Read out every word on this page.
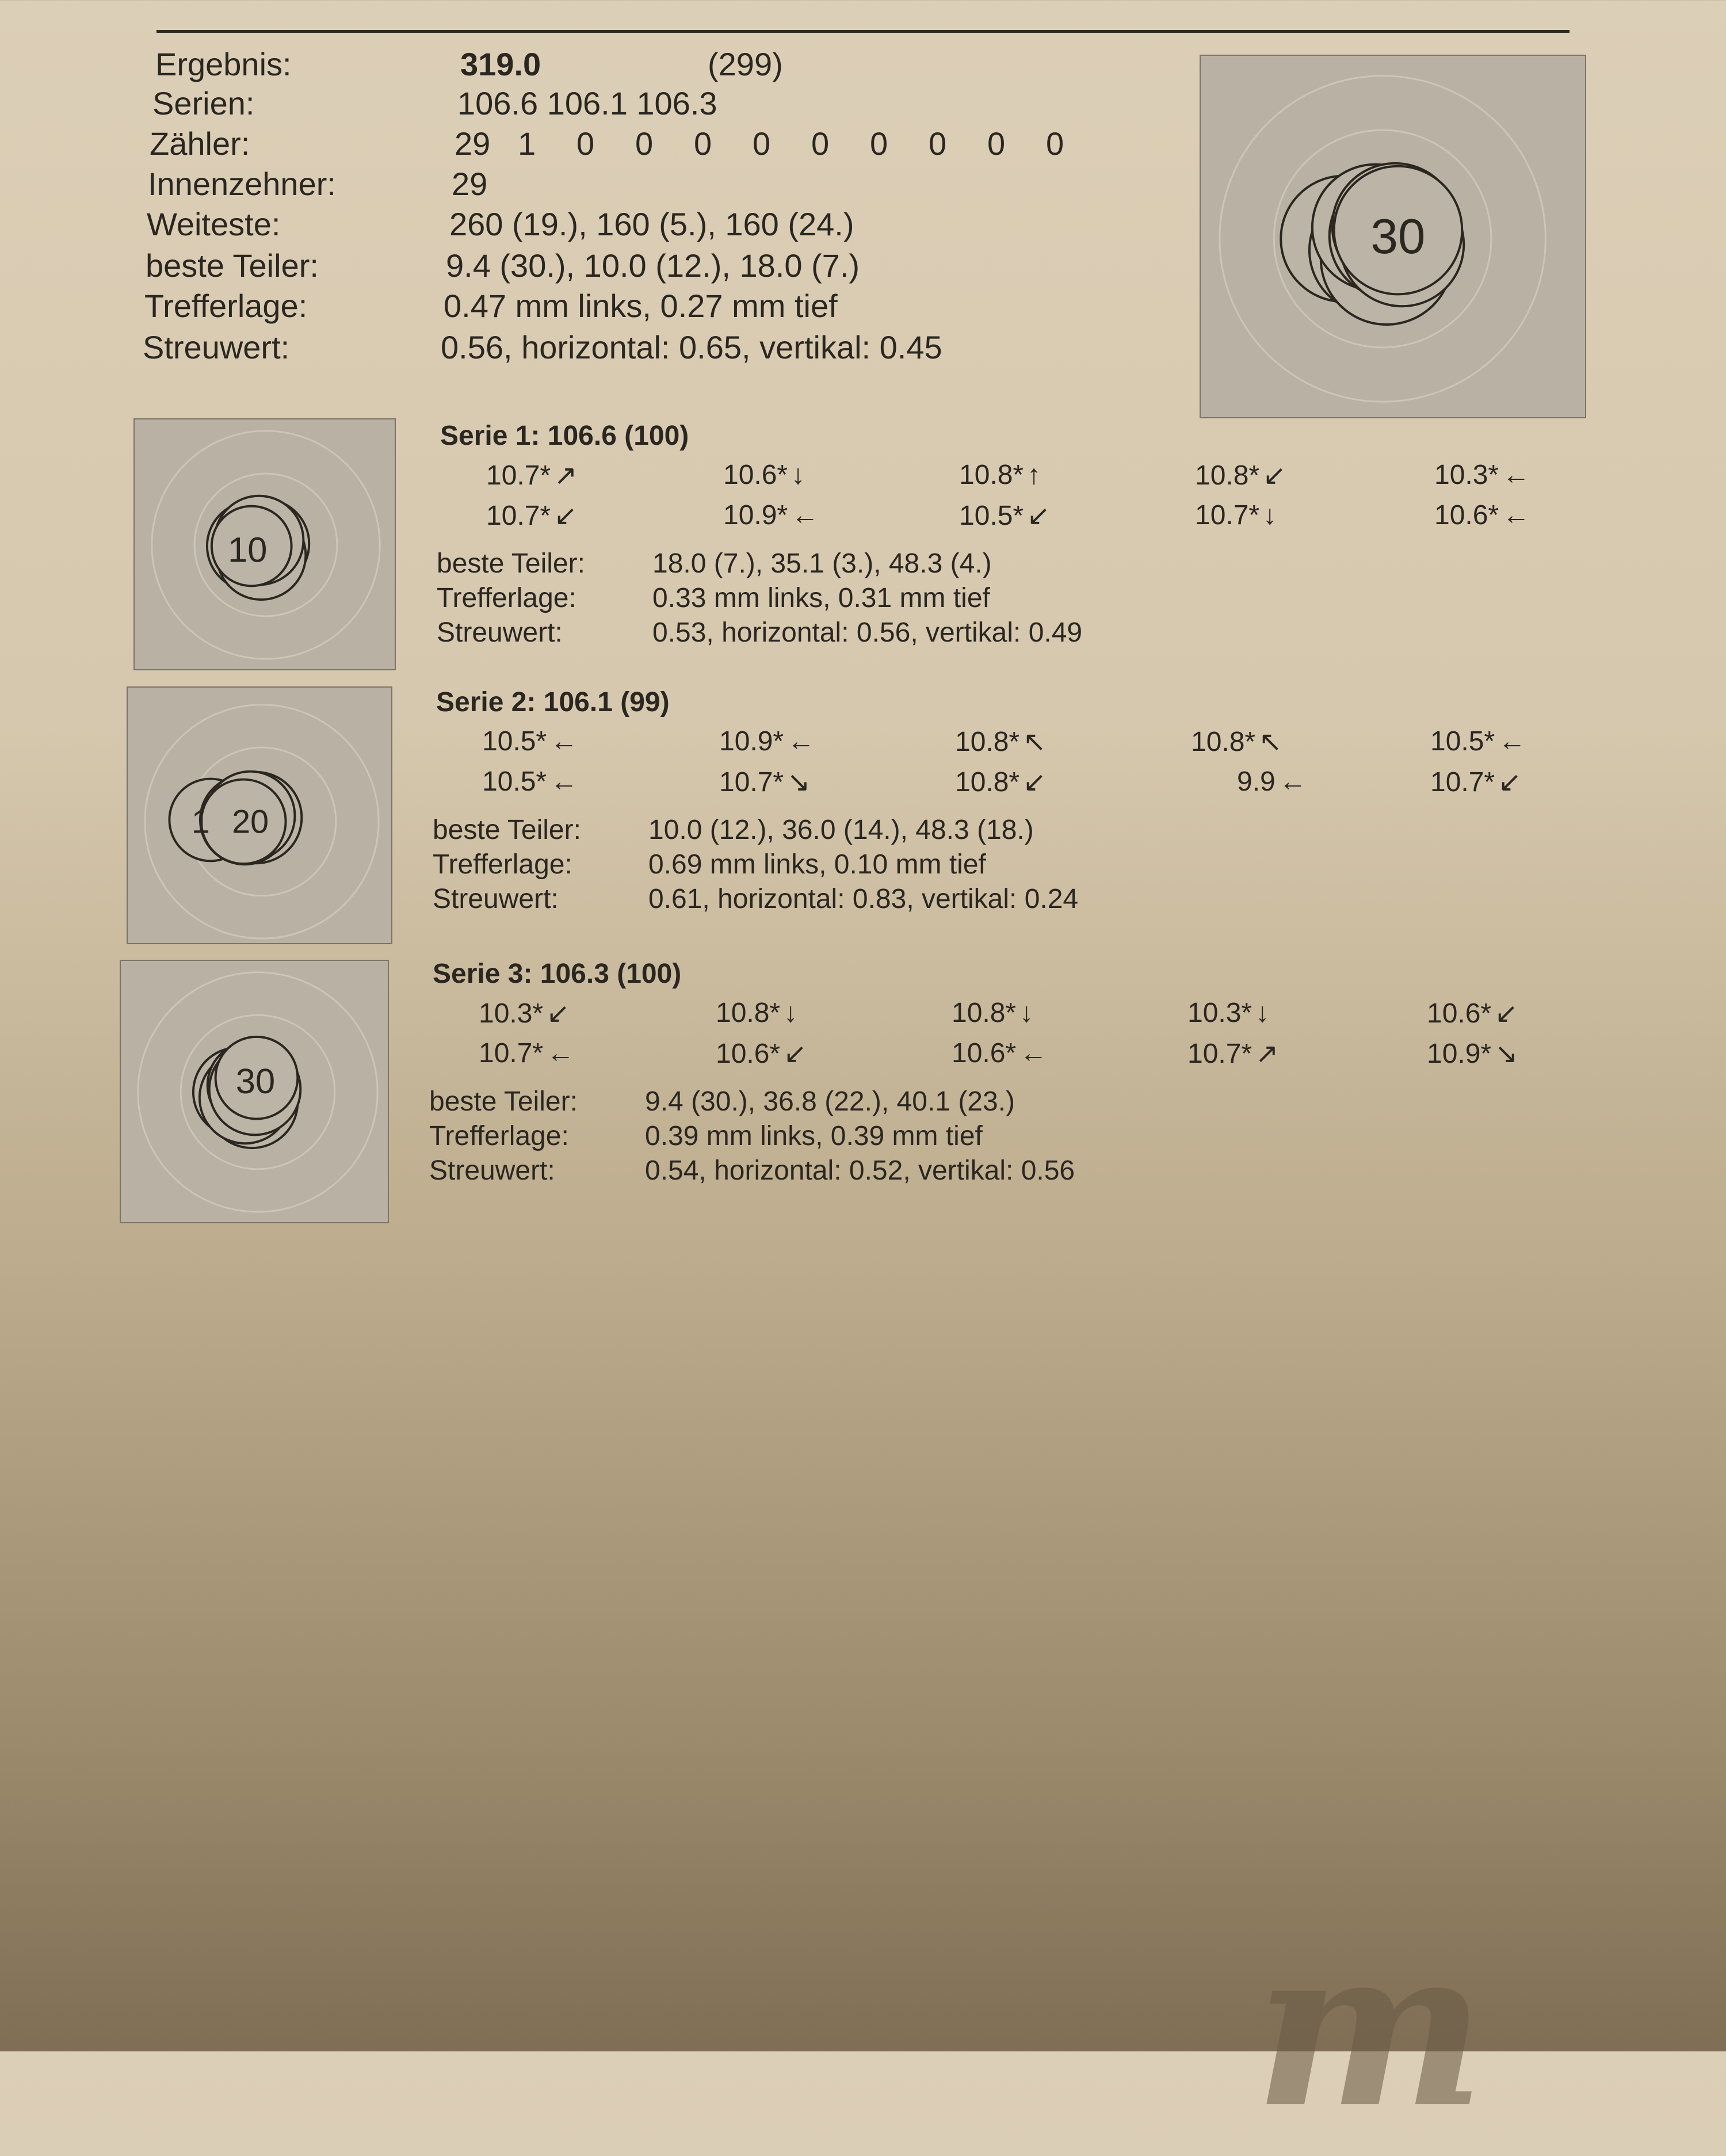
Ergebnis:	319.0	(299)
Serien:	106.6 106.1 106.3
Zähler:	29 1 0 0 0 0 0 0 0 0 0
Innenzehner:	29
Weiteste:	260 (19.), 160 (5.), 160 (24.)
beste Teiler:	9.4 (30.), 10.0 (12.), 18.0 (7.)
Trefferlage:	0.47 mm links, 0.27 mm tief
Streuwert:	0.56, horizontal: 0.65, vertikal: 0.45
30
10
1 20
30
Serie 1: 106.6 (100)
10.7* ↗	10.6* ↓	10.8* ↑	10.8* ↙	10.3* ←
10.7* ↙	10.9* ←	10.5* ↙	10.7* ↓	10.6* ←
beste Teiler: 18.0 (7.), 35.1 (3.), 48.3 (4.)
Trefferlage:	0.33 mm links, 0.31 mm tief
Streuwert:	0.53, horizontal: 0.56, vertikal: 0.49
Serie 2: 106.1 (99)
10.5* ←	10.9* ←	10.8* ↖	10.8* ↖	10.5* ←
10.5* ←	10.7* ↘	10.8* ↙	9.9 ←	10.7* ↙
beste Teiler: 10.0 (12.), 36.0 (14.), 48.3 (18.)
Trefferlage:	0.69 mm links, 0.10 mm tief
Streuwert:	0.61, horizontal: 0.83, vertikal: 0.24
Serie 3: 106.3 (100)
10.3* ↙	10.8* ↓	10.8* ↓	10.3* ↓	10.6* ↙
10.7* ←	10.6* ↙	10.6* ←	10.7* ↗	10.9* ↘
beste Teiler: 9.4 (30.), 36.8 (22.), 40.1 (23.)
Trefferlage:	0.39 mm links, 0.39 mm tief
Streuwert:	0.54, horizontal: 0.52, vertikal: 0.56
m
